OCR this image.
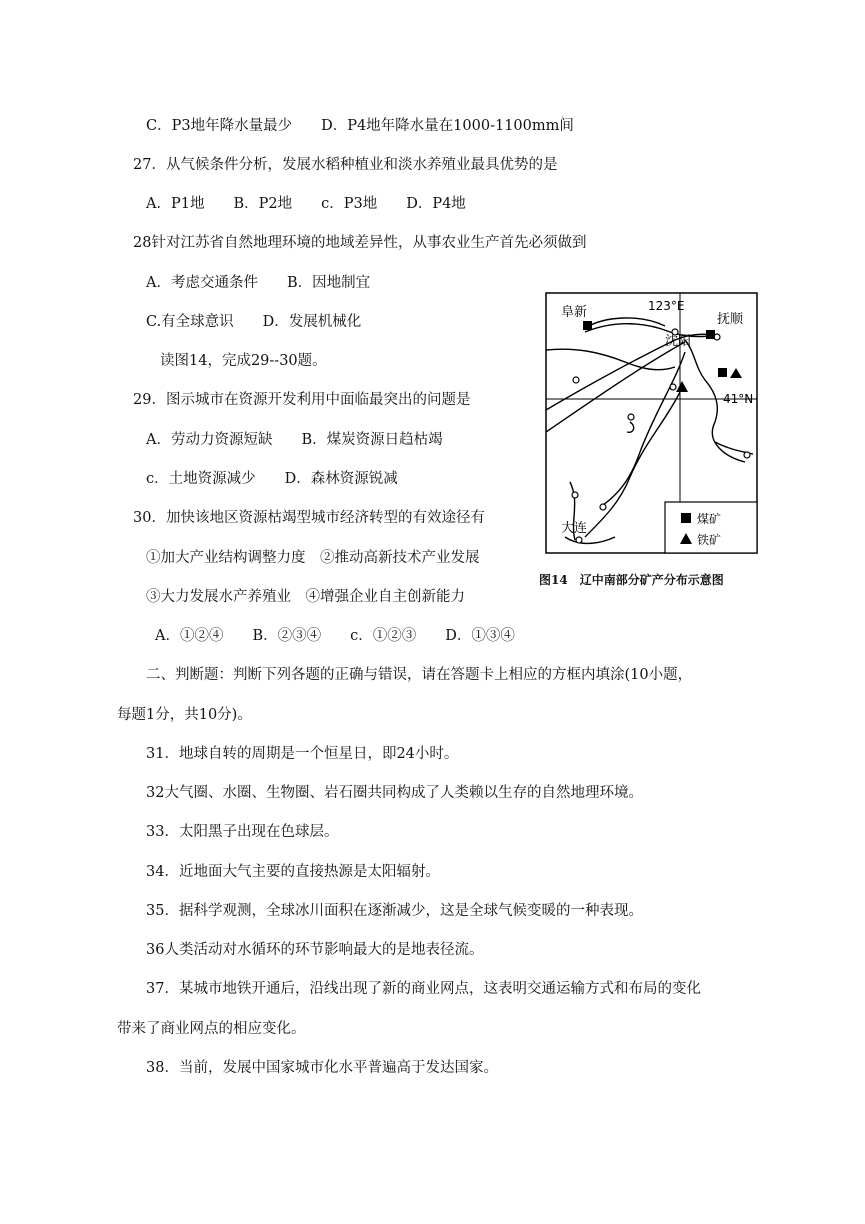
C．P3地年降水量最少　　D．P4地年降水量在1000-1100mm间
27．从气候条件分析，发展水稻种植业和淡水养殖业最具优势的是
A．P1地　　B．P2地　　c．P3地　　D．P4地
28针对江苏省自然地理环境的地域差异性，从事农业生产首先必须做到
A．考虑交通条件　　B．因地制宜
C.有全球意识　　D．发展机械化
读图14，完成29--30题。
29．图示城市在资源开发利用中面临最突出的问题是
A．劳动力资源短缺　　B．煤炭资源日趋枯竭
c．土地资源减少　　D．森林资源锐减
30．加快该地区资源枯竭型城市经济转型的有效途径有
①加大产业结构调整力度　②推动高新技术产业发展
③大力发展水产养殖业　④增强企业自主创新能力
A．①②④　　B．②③④　　c．①②③　　D．①③④
二、判断题：判断下列各题的正确与错误，请在答题卡上相应的方框内填涂(10小题，
每题1分，共10分)。
31．地球自转的周期是一个恒星日，即24小时。
32大气圈、水圈、生物圈、岩石圈共同构成了人类赖以生存的自然地理环境。
33．太阳黑子出现在色球层。
34．近地面大气主要的直接热源是太阳辐射。
35．据科学观测，全球冰川面积在逐渐减少，这是全球气候变暖的一种表现。
36人类活动对水循环的环节影响最大的是地表径流。
37．某城市地铁开通后，沿线出现了新的商业网点，这表明交通运输方式和布局的变化
带来了商业网点的相应变化。
38．当前，发展中国家城市化水平普遍高于发达国家。
阜新	123°E
抚顺
沈阳
41°N
大连
煤矿
铁矿
图14　辽中南部分矿产分布示意图
